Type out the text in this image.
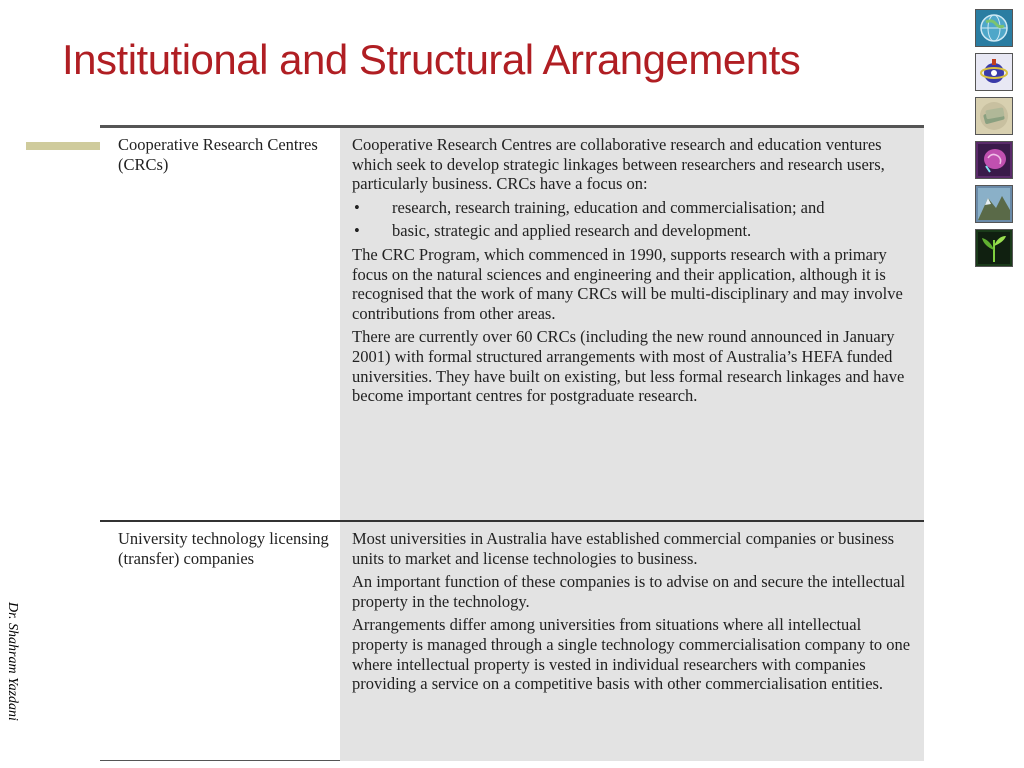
Institutional and Structural Arrangements
Dr. Shahram Yazdani
Cooperative Research Centres (CRCs)

Cooperative Research Centres are collaborative research and education ventures which seek to develop strategic linkages between researchers and research users, particularly business. CRCs have a focus on:

•	research, research training, education and commercialisation; and
•	basic, strategic and applied research and development.

The CRC Program, which commenced in 1990, supports research with a primary focus on the natural sciences and engineering and their application, although it is recognised that the work of many CRCs will be multi-disciplinary and may involve contributions from other areas.

There are currently over 60 CRCs (including the new round announced in January 2001) with formal structured arrangements with most of Australia’s HEFA funded universities. They have built on existing, but less formal research linkages and have become important centres for postgraduate research.

University technology licensing (transfer) companies

Most universities in Australia have established commercial companies or business units to market and license technologies to business.

An important function of these companies is to advise on and secure the intellectual property in the technology.

Arrangements differ among universities from situations where all intellectual property is managed through a single technology commercialisation company to one where intellectual property is vested in individual researchers with companies providing a service on a competitive basis with other commercialisation entities.
